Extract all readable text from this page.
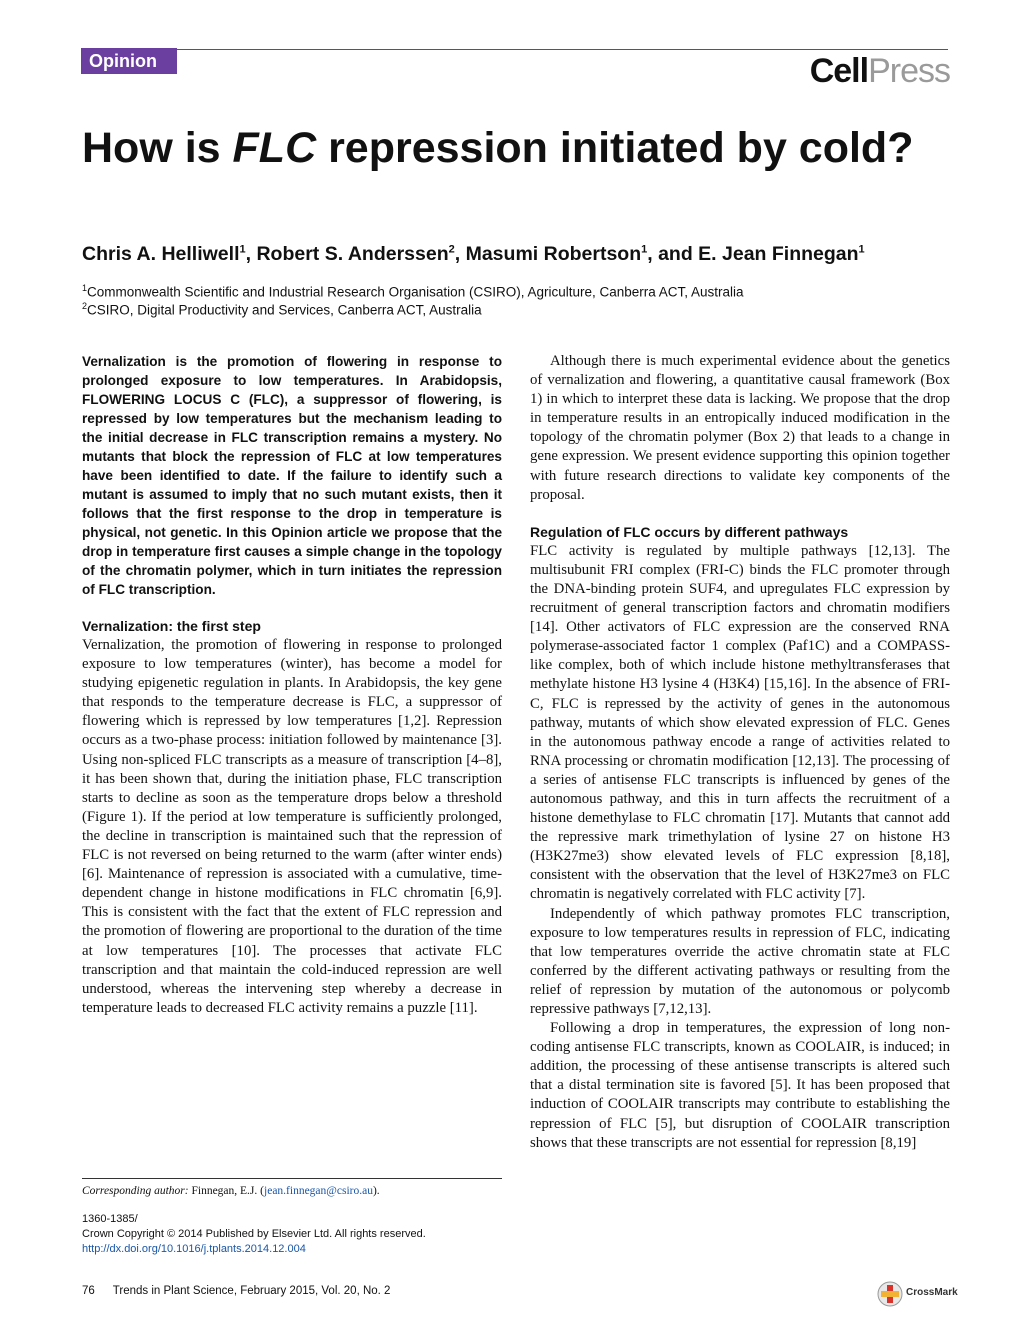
Opinion	CellPress
How is FLC repression initiated by cold?
Chris A. Helliwell$^1$, Robert S. Anderssen$^2$, Masumi Robertson$^1$, and E. Jean Finnegan$^1$
$^1$Commonwealth Scientific and Industrial Research Organisation (CSIRO), Agriculture, Canberra ACT, Australia
$^2$CSIRO, Digital Productivity and Services, Canberra ACT, Australia

Vernalization is the promotion of flowering in response to prolonged exposure to low temperatures. In Arabidopsis, FLOWERING LOCUS C (FLC), a suppressor of flowering, is repressed by low temperatures but the mechanism leading to the initial decrease in FLC transcription remains a mystery. No mutants that block the repression of FLC at low temperatures have been identified to date. If the failure to identify such a mutant is assumed to imply that no such mutant exists, then it follows that the first response to the drop in temperature is physical, not genetic. In this Opinion article we propose that the drop in temperature first causes a simple change in the topology of the chromatin polymer, which in turn initiates the repression of FLC transcription.

Vernalization: the first step

Vernalization, the promotion of flowering in response to prolonged exposure to low temperatures (winter), has become a model for studying epigenetic regulation in plants. In Arabidopsis, the key gene that responds to the temperature decrease is FLC, a suppressor of flowering which is repressed by low temperatures [1,2]. Repression occurs as a two-phase process: initiation followed by maintenance [3]. Using non-spliced FLC transcripts as a measure of transcription [4–8], it has been shown that, during the initiation phase, FLC transcription starts to decline as soon as the temperature drops below a threshold (Figure 1). If the period at low temperature is sufficiently prolonged, the decline in transcription is maintained such that the repression of FLC is not reversed on being returned to the warm (after winter ends) [6]. Maintenance of repression is associated with a cumulative, time-dependent change in histone modifications in FLC chromatin [6,9]. This is consistent with the fact that the extent of FLC repression and the promotion of flowering are proportional to the duration of the time at low temperatures [10]. The processes that activate FLC transcription and that maintain the cold-induced repression are well understood, whereas the intervening step whereby a decrease in temperature leads to decreased FLC activity remains a puzzle [11].

Although there is much experimental evidence about the genetics of vernalization and flowering, a quantitative causal framework (Box 1) in which to interpret these data is lacking. We propose that the drop in temperature results in an entropically induced modification in the topology of the chromatin polymer (Box 2) that leads to a change in gene expression. We present evidence supporting this opinion together with future research directions to validate key components of the proposal.

Regulation of FLC occurs by different pathways

FLC activity is regulated by multiple pathways [12,13]. The multisubunit FRI complex (FRI-C) binds the FLC promoter through the DNA-binding protein SUF4, and upregulates FLC expression by recruitment of general transcription factors and chromatin modifiers [14]. Other activators of FLC expression are the conserved RNA polymerase-associated factor 1 complex (Paf1C) and a COMPASS-like complex, both of which include histone methyltransferases that methylate histone H3 lysine 4 (H3K4) [15,16]. In the absence of FRI-C, FLC is repressed by the activity of genes in the autonomous pathway, mutants of which show elevated expression of FLC. Genes in the autonomous pathway encode a range of activities related to RNA processing or chromatin modification [12,13]. The processing of a series of antisense FLC transcripts is influenced by genes of the autonomous pathway, and this in turn affects the recruitment of a histone demethylase to FLC chromatin [17]. Mutants that cannot add the repressive mark trimethylation of lysine 27 on histone H3 (H3K27me3) show elevated levels of FLC expression [8,18], consistent with the observation that the level of H3K27me3 on FLC chromatin is negatively correlated with FLC activity [7].

Independently of which pathway promotes FLC transcription, exposure to low temperatures results in repression of FLC, indicating that low temperatures override the active chromatin state at FLC conferred by the different activating pathways or resulting from the relief of repression by mutation of the autonomous or polycomb repressive pathways [7,12,13].

Following a drop in temperatures, the expression of long non-coding antisense FLC transcripts, known as COOLAIR, is induced; in addition, the processing of these antisense transcripts is altered such that a distal termination site is favored [5]. It has been proposed that induction of COOLAIR transcripts may contribute to establishing the repression of FLC [5], but disruption of COOLAIR transcription shows that these transcripts are not essential for repression [8,19]

Corresponding author: Finnegan, E.J. (jean.finnegan@csiro.au).
1360-1385/
Crown Copyright © 2014 Published by Elsevier Ltd. All rights reserved.
http://dx.doi.org/10.1016/j.tplants.2014.12.004
76 Trends in Plant Science, February 2015, Vol. 20, No. 2	CrossMark
